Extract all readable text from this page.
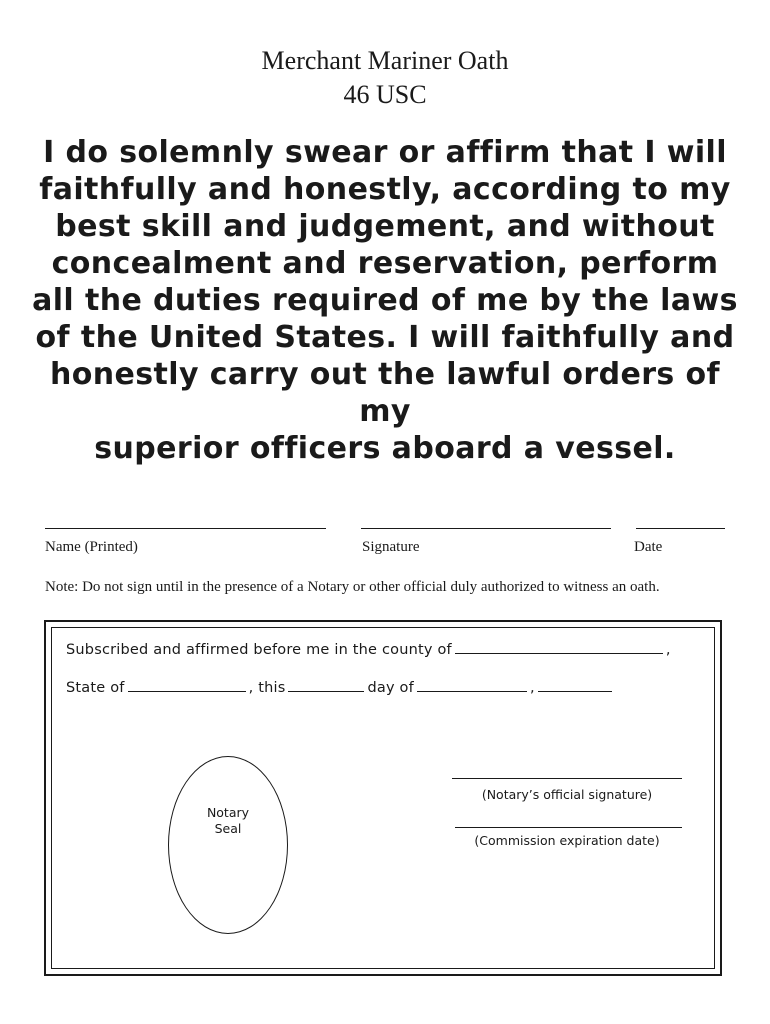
Merchant Mariner Oath
46 USC
I do solemnly swear or affirm that I will
faithfully and honestly, according to my
best skill and judgement, and without
concealment and reservation, perform
all the duties required of me by the laws
of the United States. I will faithfully and
honestly carry out the lawful orders of my
superior officers aboard a vessel.
Name (Printed)	Signature	Date
Note: Do not sign until in the presence of a Notary or other official duly authorized to witness an oath.
Subscribed and affirmed before me in the county of	,
State of	, this	day of	,
Notary
Seal
(Notary’s official signature)
(Commission expiration date)
